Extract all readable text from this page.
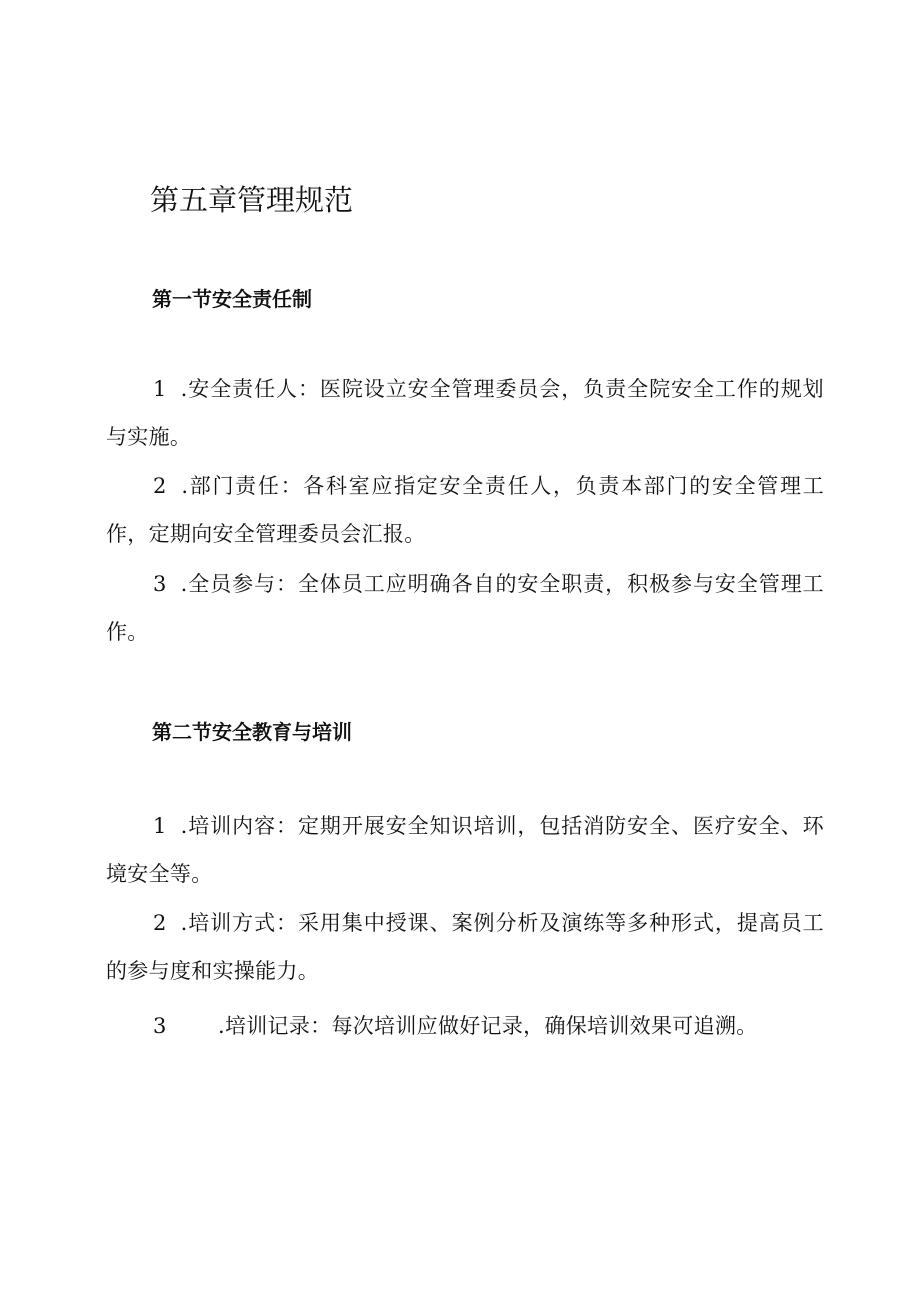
第五章管理规范
第一节安全责任制

1 .安全责任人：医院设立安全管理委员会，负责全院安全工作的规划与实施。

2 .部门责任：各科室应指定安全责任人，负责本部门的安全管理工作，定期向安全管理委员会汇报。

3 .全员参与：全体员工应明确各自的安全职责，积极参与安全管理工作。

第二节安全教育与培训

1 .培训内容：定期开展安全知识培训，包括消防安全、医疗安全、环境安全等。

2 .培训方式：采用集中授课、案例分析及演练等多种形式，提高员工的参与度和实操能力。

3 .培训记录：每次培训应做好记录，确保培训效果可追溯。
